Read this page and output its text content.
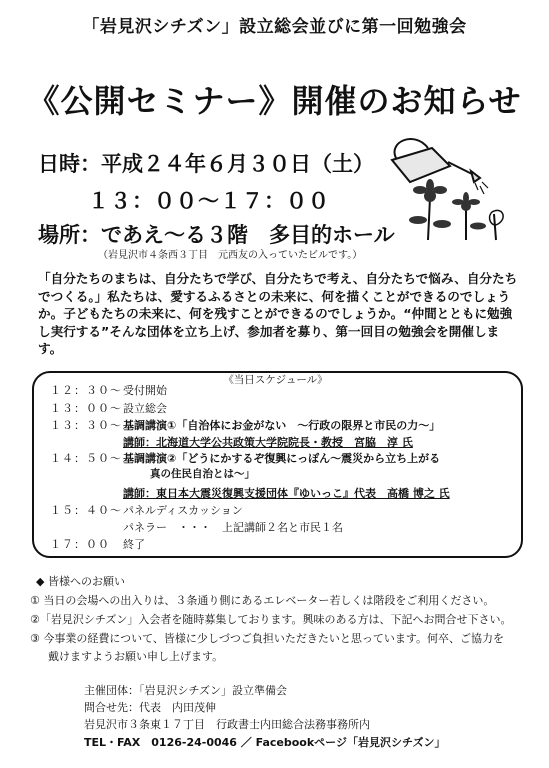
「岩見沢シチズン」設立総会並びに第一回勉強会
《公開セミナー》開催のお知らせ
日時：平成２４年６月３０日（土）
１３：００～１７：００
場所：であえ～る３階　多目的ホール
（岩見沢市４条西３丁目　元西友の入っていたビルです。）
「自分たちのまちは、自分たちで学び、自分たちで考え、自分たちで悩み、自分たちでつくる。」私たちは、愛するふるさとの未来に、何を描くことができるのでしょうか。子どもたちの未来に、何を残すことができるのでしょうか。“仲間とともに勉強し実行する”そんな団体を立ち上げ、参加者を募り、第一回目の勉強会を開催します。
《当日スケジュール》
１２：３０～ 受付開始
１３：００～ 設立総会
１３：３０～ 基調講演①「自治体にお金がない　～行政の限界と市民の力～」
講師：北海道大学公共政策大学院院長・教授　宮脇　淳 氏
１４：５０～ 基調講演②「どうにかするぞ復興にっぽん～震災から立ち上がる
真の住民自治とは～」
講師：東日本大震災復興支援団体『ゆいっこ』代表　高橋 博之 氏
１５：４０～ パネルディスカッション
パネラー　・・・　上記講師２名と市民１名
１７：００ 終了
◆ 皆様へのお願い
① 当日の会場への出入りは、３条通り側にあるエレベーター若しくは階段をご利用ください。
②「岩見沢シチズン」入会者を随時募集しております。興味のある方は、下記へお問合せ下さい。
③ 今事業の経費について、皆様に少しづつご負担いただきたいと思っています。何卒、ご協力を
戴けますようお願い申し上げます。
主催団体：「岩見沢シチズン」設立準備会
問合せ先：代表　内田茂伸
岩見沢市３条東１７丁目　行政書士内田総合法務事務所内
TEL・FAX　0126-24-0046 ／ Facebookページ「岩見沢シチズン」
